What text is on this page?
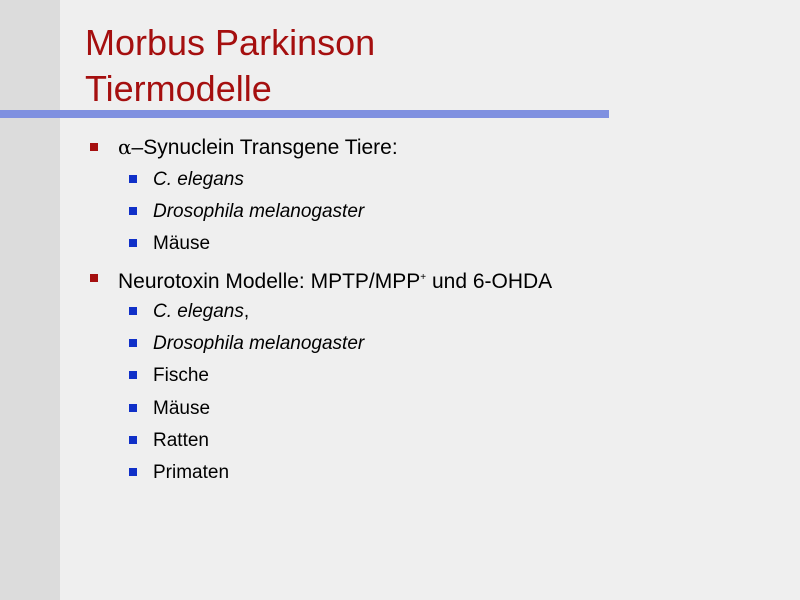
Morbus Parkinson
Tiermodelle
α–Synuclein Transgene Tiere:
C. elegans
Drosophila melanogaster
Mäuse
Neurotoxin Modelle: MPTP/MPP+ und 6-OHDA
C. elegans,
Drosophila melanogaster
Fische
Mäuse
Ratten
Primaten
